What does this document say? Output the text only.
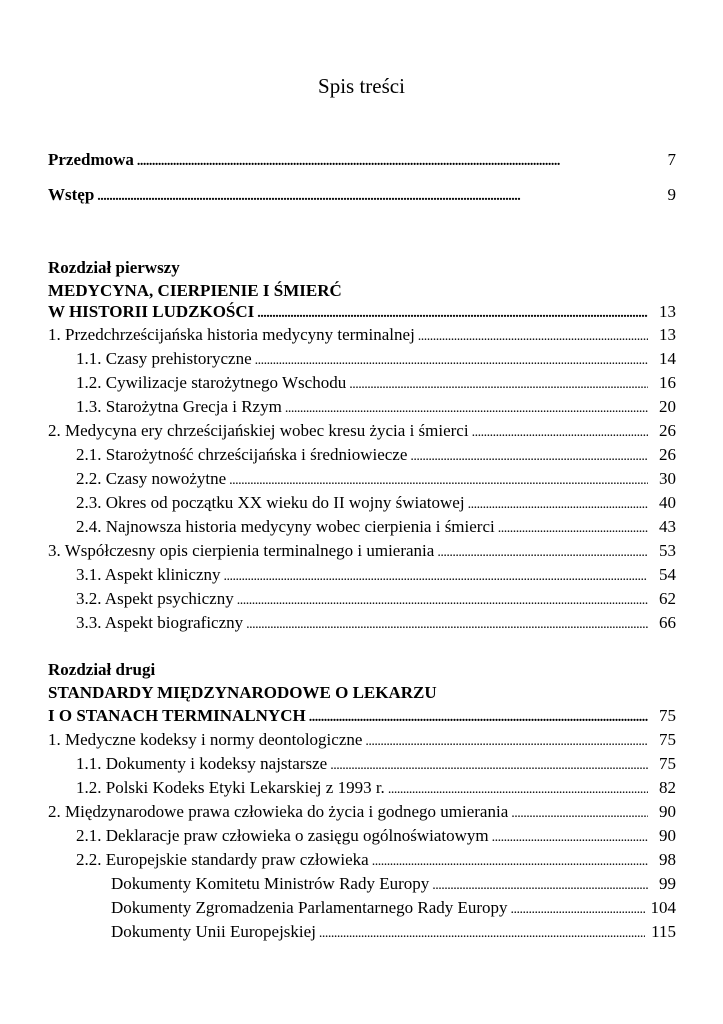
Spis treści
Przedmowa . . .	7
Wstęp . . .	9
Rozdział pierwszy
MEDYCYNA, CIERPIENIE I ŚMIERĆ
W HISTORII LUDZKOŚCI . . .	13
1. Przedchrześcijańska historia medycyny terminalnej . . .	13
1.1. Czasy prehistoryczne . . .	14
1.2. Cywilizacje starożytnego Wschodu . . .	16
1.3. Starożytna Grecja i Rzym . . .	20
2. Medycyna ery chrześcijańskiej wobec kresu życia i śmierci . . .	26
2.1. Starożytność chrześcijańska i średniowiecze . . .	26
2.2. Czasy nowożytne . . .	30
2.3. Okres od początku XX wieku do II wojny światowej . . .	40
2.4. Najnowsza historia medycyny wobec cierpienia i śmierci . . .	43
3. Współczesny opis cierpienia terminalnego i umierania . . .	53
3.1. Aspekt kliniczny . . .	54
3.2. Aspekt psychiczny . . .	62
3.3. Aspekt biograficzny . . .	66
Rozdział drugi
STANDARDY MIĘDZYNARODOWE O LEKARZU
I O STANACH TERMINALNYCH . . .	75
1. Medyczne kodeksy i normy deontologiczne . . .	75
1.1. Dokumenty i kodeksy najstarsze . . .	75
1.2. Polski Kodeks Etyki Lekarskiej z 1993 r. . . .	82
2. Międzynarodowe prawa człowieka do życia i godnego umierania . . .	90
2.1. Deklaracje praw człowieka o zasięgu ogólnoświatowym . . .	90
2.2. Europejskie standardy praw człowieka . . .	98
Dokumenty Komitetu Ministrów Rady Europy . . .	99
Dokumenty Zgromadzenia Parlamentarnego Rady Europy . . .	104
Dokumenty Unii Europejskiej . . .	115
